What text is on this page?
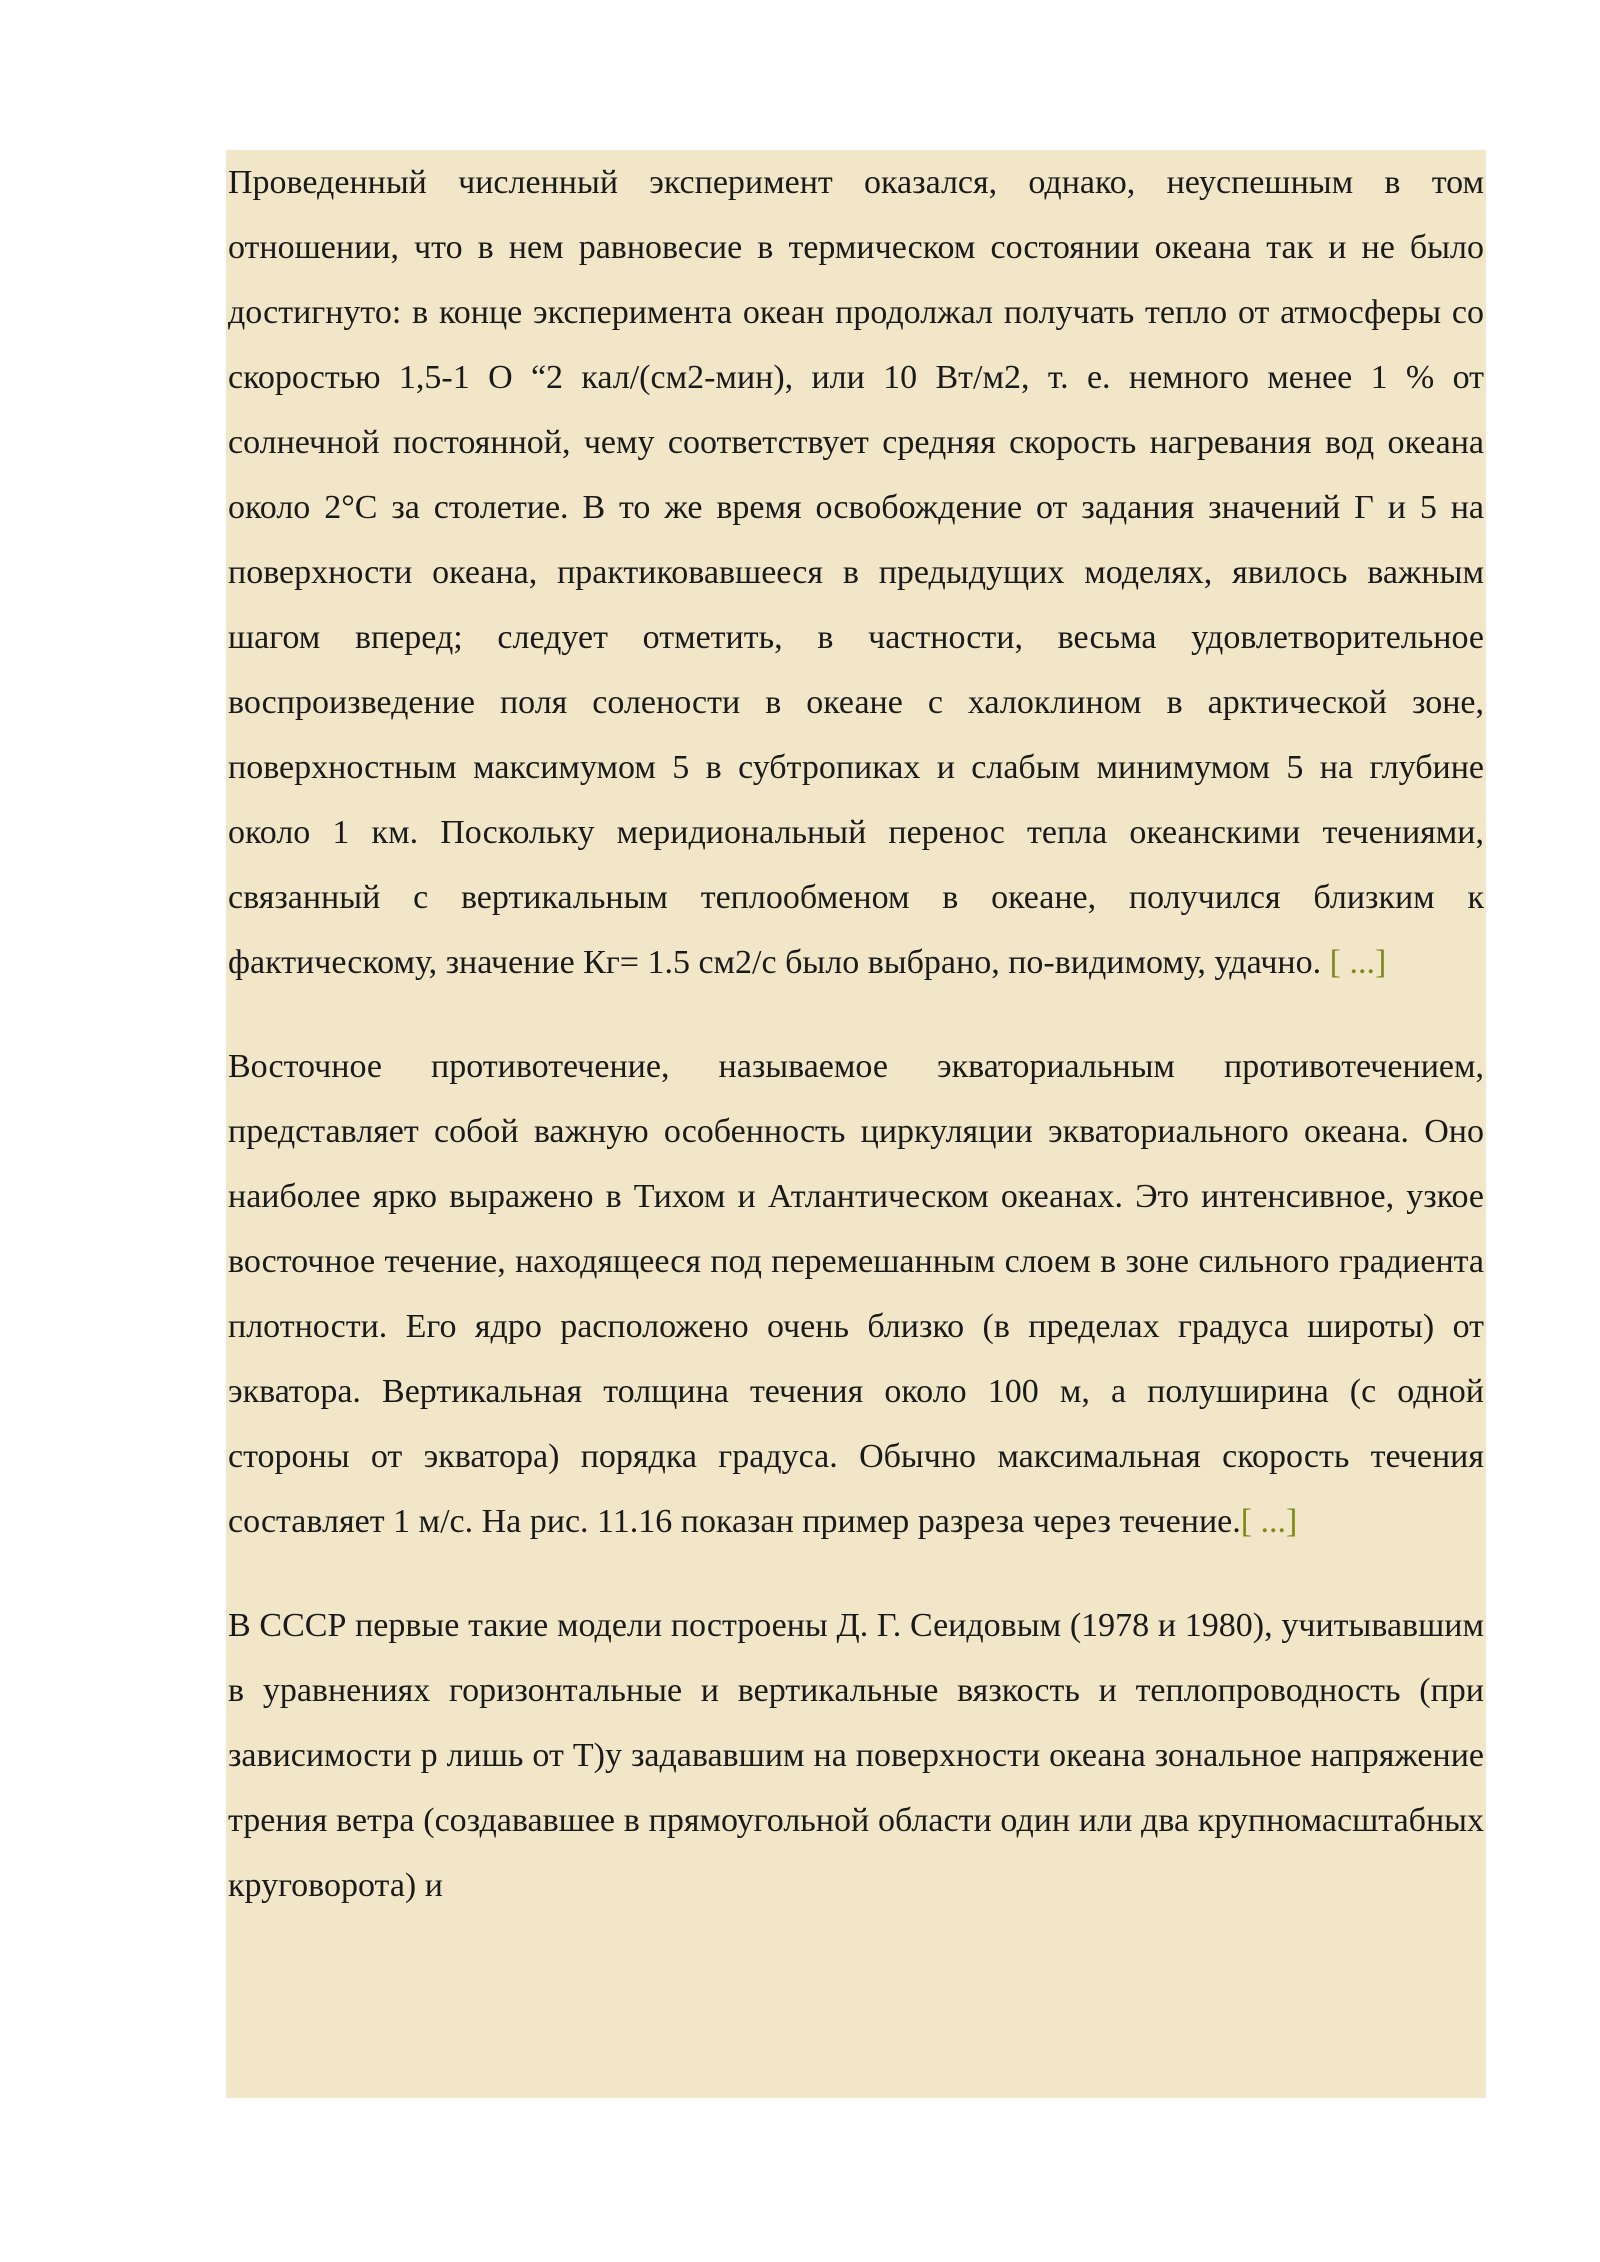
Проведенный численный эксперимент оказался, однако, неуспешным в том отношении, что в нем равновесие в термическом состоянии океана так и не было достигнуто: в конце эксперимента океан продолжал получать тепло от атмосферы со скоростью 1,5-1 О “2 кал/(см2-мин), или 10 Вт/м2, т. е. немного менее 1 % от солнечной постоянной, чему соответствует средняя скорость нагревания вод океана около 2°С за столетие. В то же время освобождение от задания значений Г и 5 на поверхности океана, практиковавшееся в предыдущих моделях, явилось важным шагом вперед; следует отметить, в частности, весьма удовлетворительное воспроизведение поля солености в океане с халоклином в арктической зоне, поверхностным максимумом 5 в субтропиках и слабым минимумом 5 на глубине около 1 км. Поскольку меридиональный перенос тепла океанскими течениями, связанный с вертикальным теплообменом в океане, получился близким к фактическому, значение Кг= 1.5 см2/с было выбрано, по-видимому, удачно. [ ...]

Восточное противотечение, называемое экваториальным противотечением, представляет собой важную особенность циркуляции экваториального океана. Оно наиболее ярко выражено в Тихом и Атлантическом океанах. Это интенсивное, узкое восточное течение, находящееся под перемешанным слоем в зоне сильного градиента плотности. Его ядро расположено очень близко (в пределах градуса широты) от экватора. Вертикальная толщина течения около 100 м, а полуширина (с одной стороны от экватора) порядка градуса. Обычно максимальная скорость течения составляет 1 м/с. На рис. 11.16 показан пример разреза через течение.[ ...]

В СССР первые такие модели построены Д. Г. Сеидовым (1978 и 1980), учитывавшим в уравнениях горизонтальные и вертикальные вязкость и теплопроводность (при зависимости р лишь от Т)у задававшим на поверхности океана зональное напряжение трения ветра (создававшее в прямоугольной области один или два крупномасштабных круговорота) и
